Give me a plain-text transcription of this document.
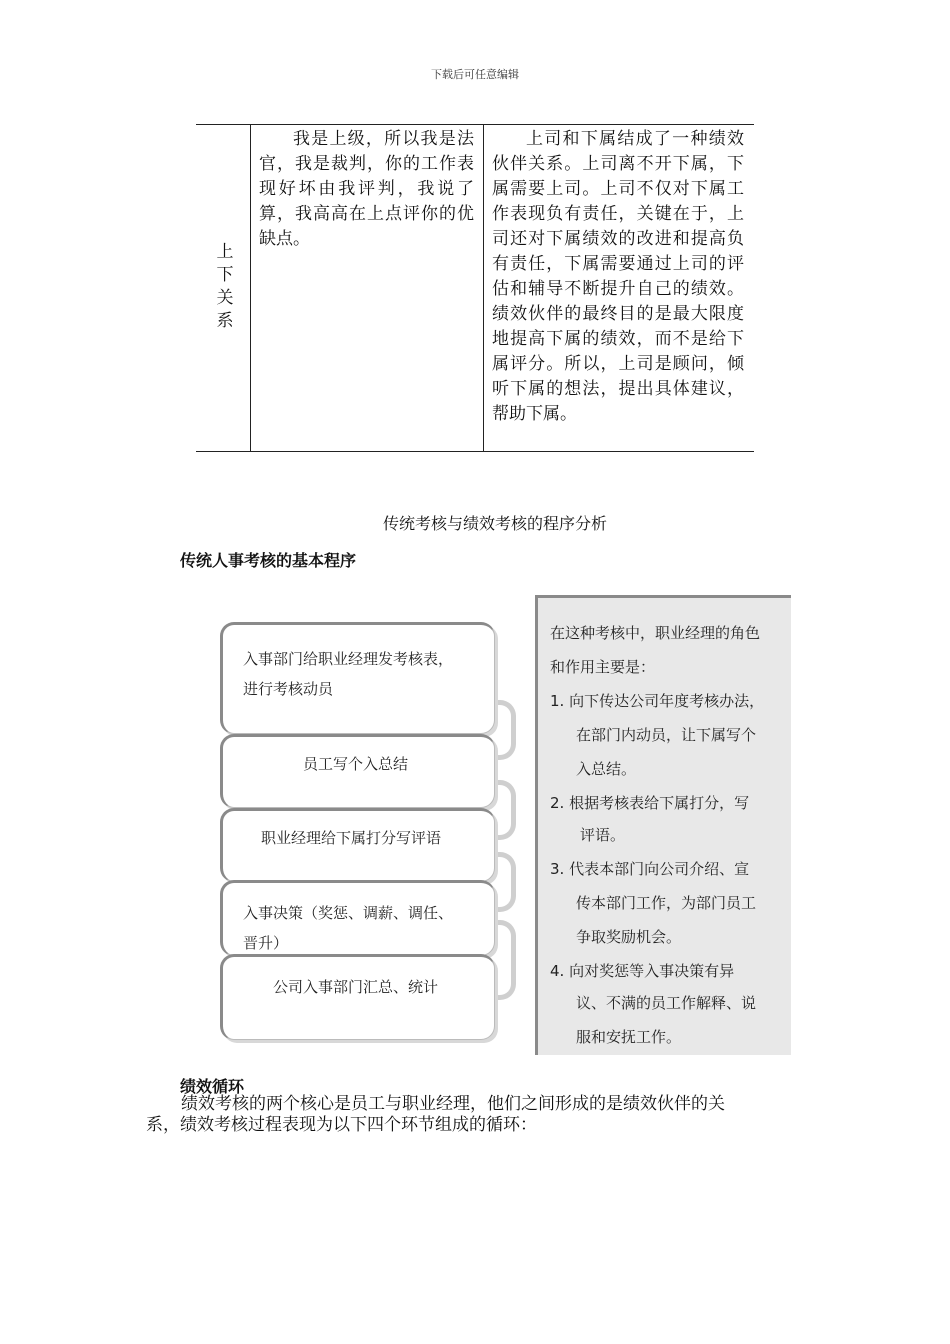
下载后可任意编辑
上下关系
我是上级，所以我是法官，我是裁判，你的工作表现好坏由我评判，我说了算，我高高在上点评你的优缺点。
上司和下属结成了一种绩效伙伴关系。上司离不开下属，下属需要上司。上司不仅对下属工作表现负有责任，关键在于，上司还对下属绩效的改进和提高负有责任，下属需要通过上司的评估和辅导不断提升自己的绩效。绩效伙伴的最终目的是最大限度地提高下属的绩效，而不是给下属评分。所以，上司是顾问，倾听下属的想法，提出具体建议，帮助下属。
传统考核与绩效考核的程序分析
传统人事考核的基本程序
入事部门给职业经理发考核表，
进行考核动员
员工写个入总结
职业经理给下属打分写评语
入事决策（奖惩、调薪、调任、
晋升）
公司入事部门汇总、统计
在这种考核中，职业经理的角色
和作用主要是：
1. 向下传达公司年度考核办法，
在部门内动员，让下属写个
入总结。
2. 根据考核表给下属打分，写
评语。
3. 代表本部门向公司介绍、宣
传本部门工作，为部门员工
争取奖励机会。
4. 向对奖惩等入事决策有异
议、不满的员工作解释、说
服和安抚工作。
绩效循环
绩效考核的两个核心是员工与职业经理，他们之间形成的是绩效伙伴的关
系，绩效考核过程表现为以下四个环节组成的循环：
